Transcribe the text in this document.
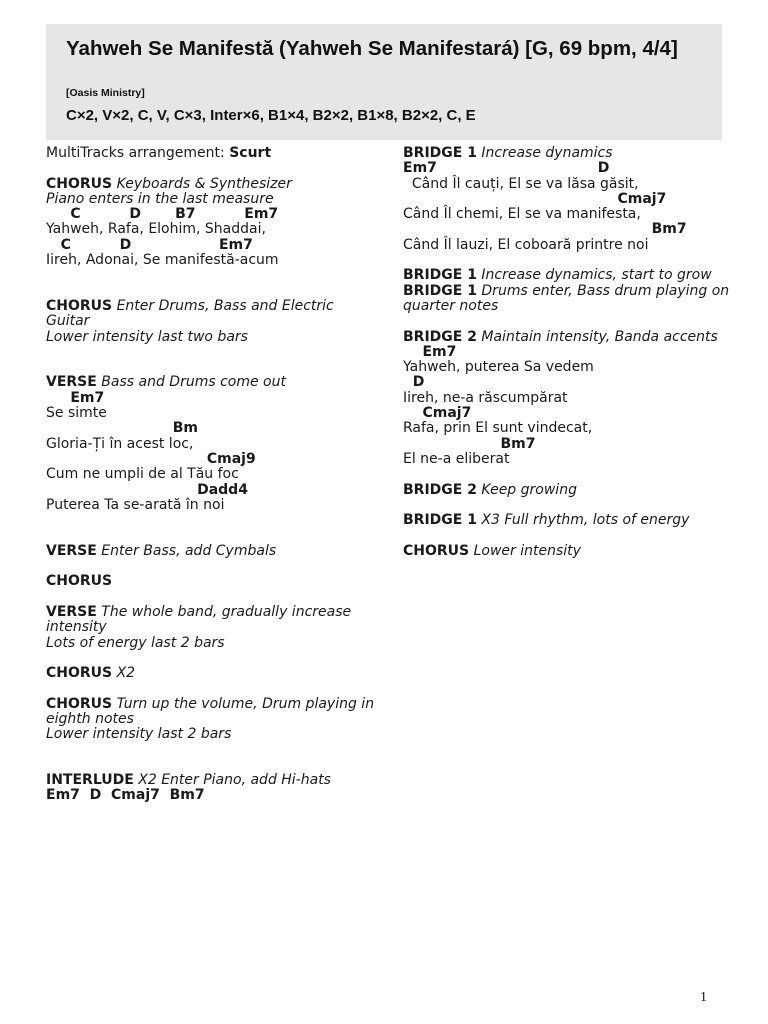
Yahweh Se Manifestă (Yahweh Se Manifestará) [G, 69 bpm, 4/4]
[Oasis Ministry]
C×2, V×2, C, V, C×3, Inter×6, B1×4, B2×2, B1×8, B2×2, C, E
MultiTracks arrangement: Scurt
CHORUS Keyboards & Synthesizer
Piano enters in the last measure
C          D       B7          Em7
Yahweh, Rafa, Elohim, Shaddai,
C          D                  Em7
Iireh, Adonai, Se manifestă-acum
CHORUS Enter Drums, Bass and Electric Guitar
Lower intensity last two bars
VERSE Bass and Drums come out
Em7
Se simte
Bm
Gloria-Ți în acest loc,
Cmaj9
Cum ne umpli de al Tău foc
Dadd4
Puterea Ta se-arată în noi
VERSE Enter Bass, add Cymbals
CHORUS
VERSE The whole band, gradually increase intensity
Lots of energy last 2 bars
CHORUS X2
CHORUS Turn up the volume, Drum playing in eighth notes
Lower intensity last 2 bars
INTERLUDE X2 Enter Piano, add Hi-hats
Em7  D  Cmaj7  Bm7
BRIDGE 1 Increase dynamics
Em7                                 D
Când Îl cauți, El se va lăsa găsit,
Cmaj7
Când Îl chemi, El se va manifesta,
Bm7
Când Îl lauzi, El coboară printre noi
BRIDGE 1 Increase dynamics, start to grow
BRIDGE 1 Drums enter, Bass drum playing on quarter notes
BRIDGE 2 Maintain intensity, Banda accents
Em7
Yahweh, puterea Sa vedem
D
Iireh, ne-a răscumpărat
Cmaj7
Rafa, prin El sunt vindecat,
Bm7
El ne-a eliberat
BRIDGE 2 Keep growing
BRIDGE 1 X3 Full rhythm, lots of energy
CHORUS Lower intensity
1
